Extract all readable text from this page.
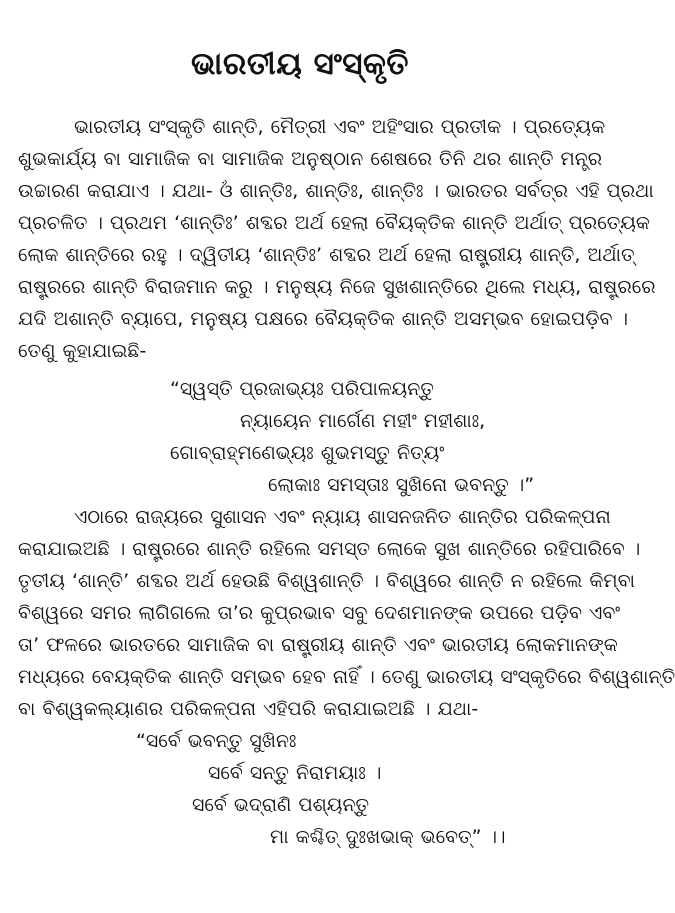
ଭାରତୀୟ ସଂସ୍କୃତି
ଭାରତୀୟ ସଂସ୍କୃତି ଶାନ୍ତି, ମୈତ୍ରୀ ଏବଂ ଅହିଂସାର ପ୍ରତୀକ । ପ୍ରତ୍ୟେକ
ଶୁଭକାର୍ଯ୍ୟ ବା ସାମାଜିକ ବା ସାମାଜିକ ଅନୁଷ୍ଠାନ ଶେଷରେ ତିନି ଥର ଶାନ୍ତି ମନ୍ତ୍ର
ଉଚ୍ଚାରଣ କରାଯାଏ । ଯଥା- ଓଁ ଶାନ୍ତିଃ, ଶାନ୍ତିଃ, ଶାନ୍ତିଃ । ଭାରତର ସର୍ବତ୍ର ଏହି ପ୍ରଥା
ପ୍ରଚଳିତ । ପ୍ରଥମ ‘ଶାନ୍ତିଃ’ ଶବ୍ଦର ଅର୍ଥ ହେଲା ବୈୟକ୍ତିକ ଶାନ୍ତି ଅର୍ଥାତ୍ ପ୍ରତ୍ୟେକ
ଲୋକ ଶାନ୍ତିରେ ରହୁ । ଦ୍ୱିତୀୟ ‘ଶାନ୍ତିଃ’ ଶବ୍ଦର ଅର୍ଥ ହେଲା ରାଷ୍ଟ୍ରୀୟ ଶାନ୍ତି, ଅର୍ଥାତ୍
ରାଷ୍ଟ୍ରରେ ଶାନ୍ତି ବିରାଜମାନ କରୁ । ମନୁଷ୍ୟ ନିଜେ ସୁଖଶାନ୍ତିରେ ଥିଲେ ମଧ୍ୟ, ରାଷ୍ଟ୍ରରେ
ଯଦି ଅଶାନ୍ତି ବ୍ୟାପେ, ମନୁଷ୍ୟ ପକ୍ଷରେ ବୈୟକ୍ତିକ ଶାନ୍ତି ଅସମ୍ଭବ ହୋଇପଡ଼ିବ ।
ତେଣୁ କୁହାଯାଇଛି-
“ସ୍ୱସ୍ତି ପ୍ରଜାଭ୍ୟଃ ପରିପାଳୟନ୍ତୁ
ନ୍ୟାୟେନ ମାର୍ଗେଣ ମହୀଂ ମହୀଶାଃ,
ଗୋବ୍ରାହ୍ମଣେଭ୍ୟଃ ଶୁଭମସ୍ତୁ ନିତ୍ୟଂ
ଲୋକାଃ ସମସ୍ତାଃ ସୁଖିନୋ ଭବନ୍ତୁ ।”
ଏଠାରେ ରାଜ୍ୟରେ ସୁଶାସନ ଏବଂ ନ୍ୟାୟ ଶାସନଜନିତ ଶାନ୍ତିର ପରିକଳ୍ପନା
କରାଯାଇଅଛି । ରାଷ୍ଟ୍ରରେ ଶାନ୍ତି ରହିଲେ ସମସ୍ତ ଲୋକେ ସୁଖ ଶାନ୍ତିରେ ରହିପାରିବେ ।
ତୃତୀୟ ‘ଶାନ୍ତି’ ଶବ୍ଦର ଅର୍ଥ ହେଉଛି ବିଶ୍ୱଶାନ୍ତି । ବିଶ୍ୱରେ ଶାନ୍ତି ନ ରହିଲେ କିମ୍ବା
ବିଶ୍ୱରେ ସମର ଲାଗିଗଲେ ତା’ର କୁପ୍ରଭାବ ସବୁ ଦେଶମାନଙ୍କ ଉପରେ ପଡ଼ିବ ଏବଂ
ତା’ ଫଳରେ ଭାରତରେ ସାମାଜିକ ବା ରାଷ୍ଟ୍ରୀୟ ଶାନ୍ତି ଏବଂ ଭାରତୀୟ ଲୋକମାନଙ୍କ
ମଧ୍ୟରେ ବେୟକ୍ତିକ ଶାନ୍ତି ସମ୍ଭବ ହେବ ନାହିଁ । ତେଣୁ ଭାରତୀୟ ସଂସ୍କୃତିରେ ବିଶ୍ୱଶାନ୍ତି
ବା ବିଶ୍ୱକଲ୍ୟାଣର ପରିକଳ୍ପନା ଏହିପରି କରାଯାଇଅଛି । ଯଥା-
“ସର୍ବେ ଭବନ୍ତୁ ସୁଖିନଃ
ସର୍ବେ ସନ୍ତୁ ନିରାମୟାଃ ।
ସର୍ବେ ଭଦ୍ରାଣି ପଶ୍ୟନ୍ତୁ
ମା କଶ୍ଚିତ୍ ଦୁଃଖଭାକ୍ ଭବେତ୍” ।।
